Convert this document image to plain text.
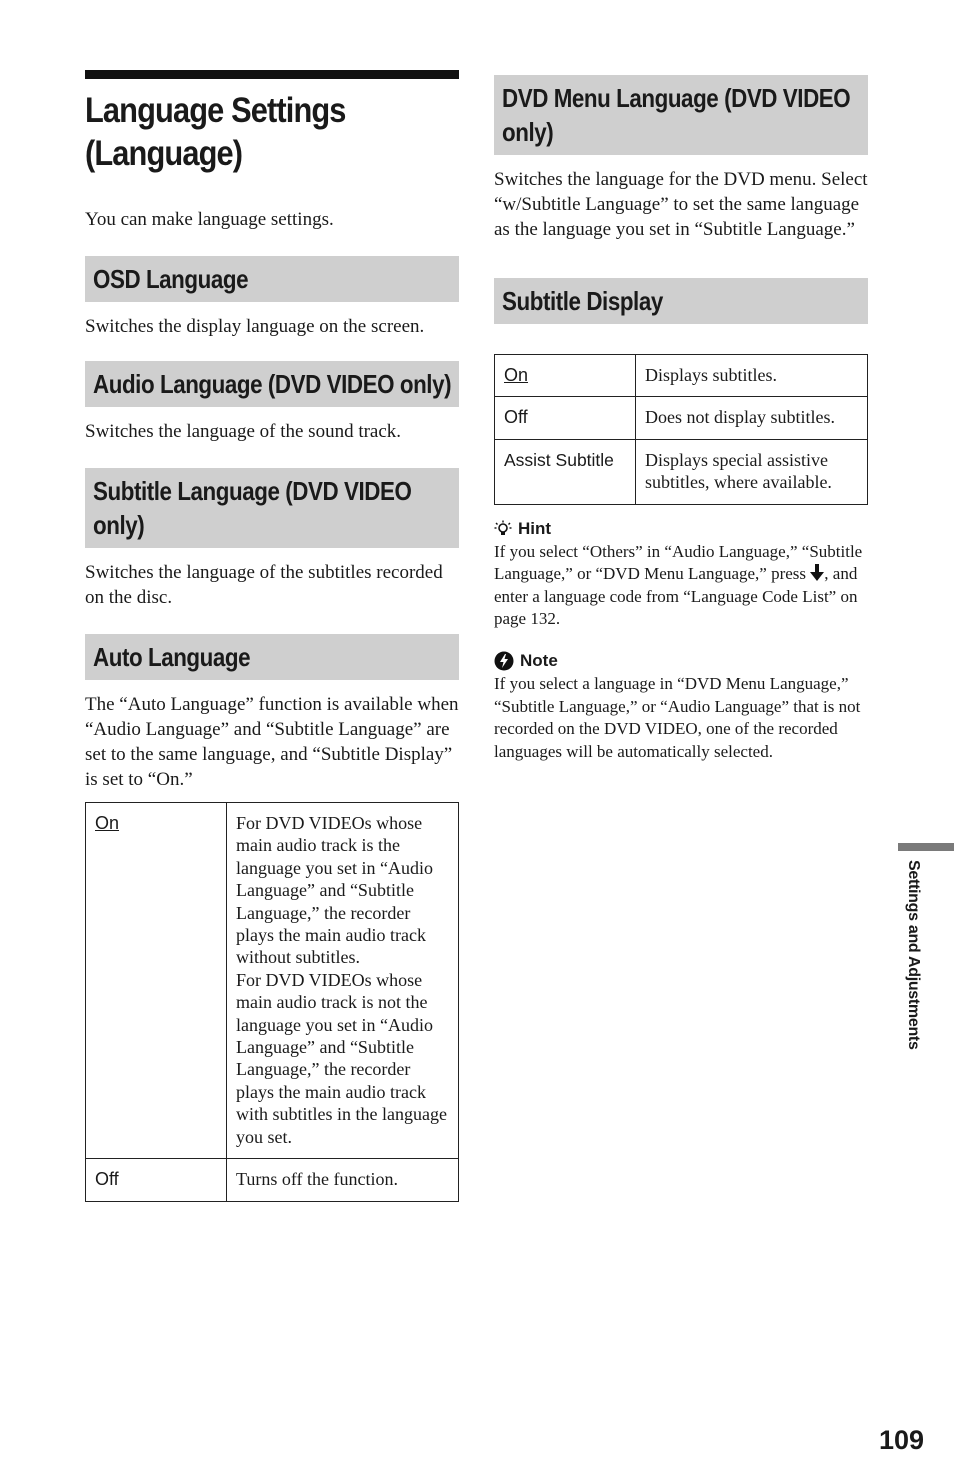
Language Settings (Language)
You can make language settings.
OSD Language
Switches the display language on the screen.
Audio Language (DVD VIDEO only)
Switches the language of the sound track.
Subtitle Language (DVD VIDEO only)
Switches the language of the subtitles recorded on the disc.
Auto Language
The “Auto Language” function is available when “Audio Language” and “Subtitle Language” are set to the same language, and “Subtitle Display” is set to “On.”
On	For DVD VIDEOs whose main audio track is the language you set in “Audio Language” and “Subtitle Language,” the recorder plays the main audio track without subtitles.
For DVD VIDEOs whose main audio track is not the language you set in “Audio Language” and “Subtitle Language,” the recorder plays the main audio track with subtitles in the language you set.
Off	Turns off the function.
DVD Menu Language (DVD VIDEO only)
Switches the language for the DVD menu. Select “w/Subtitle Language” to set the same language as the language you set in “Subtitle Language.”
Subtitle Display
On	Displays subtitles.
Off	Does not display subtitles.
Assist Subtitle	Displays special assistive subtitles, where available.
Hint
If you select “Others” in “Audio Language,” “Subtitle Language,” or “DVD Menu Language,” press , and enter a language code from “Language Code List” on page 132.
Note
If you select a language in “DVD Menu Language,” “Subtitle Language,” or “Audio Language” that is not recorded on the DVD VIDEO, one of the recorded languages will be automatically selected.
Settings and Adjustments
109
